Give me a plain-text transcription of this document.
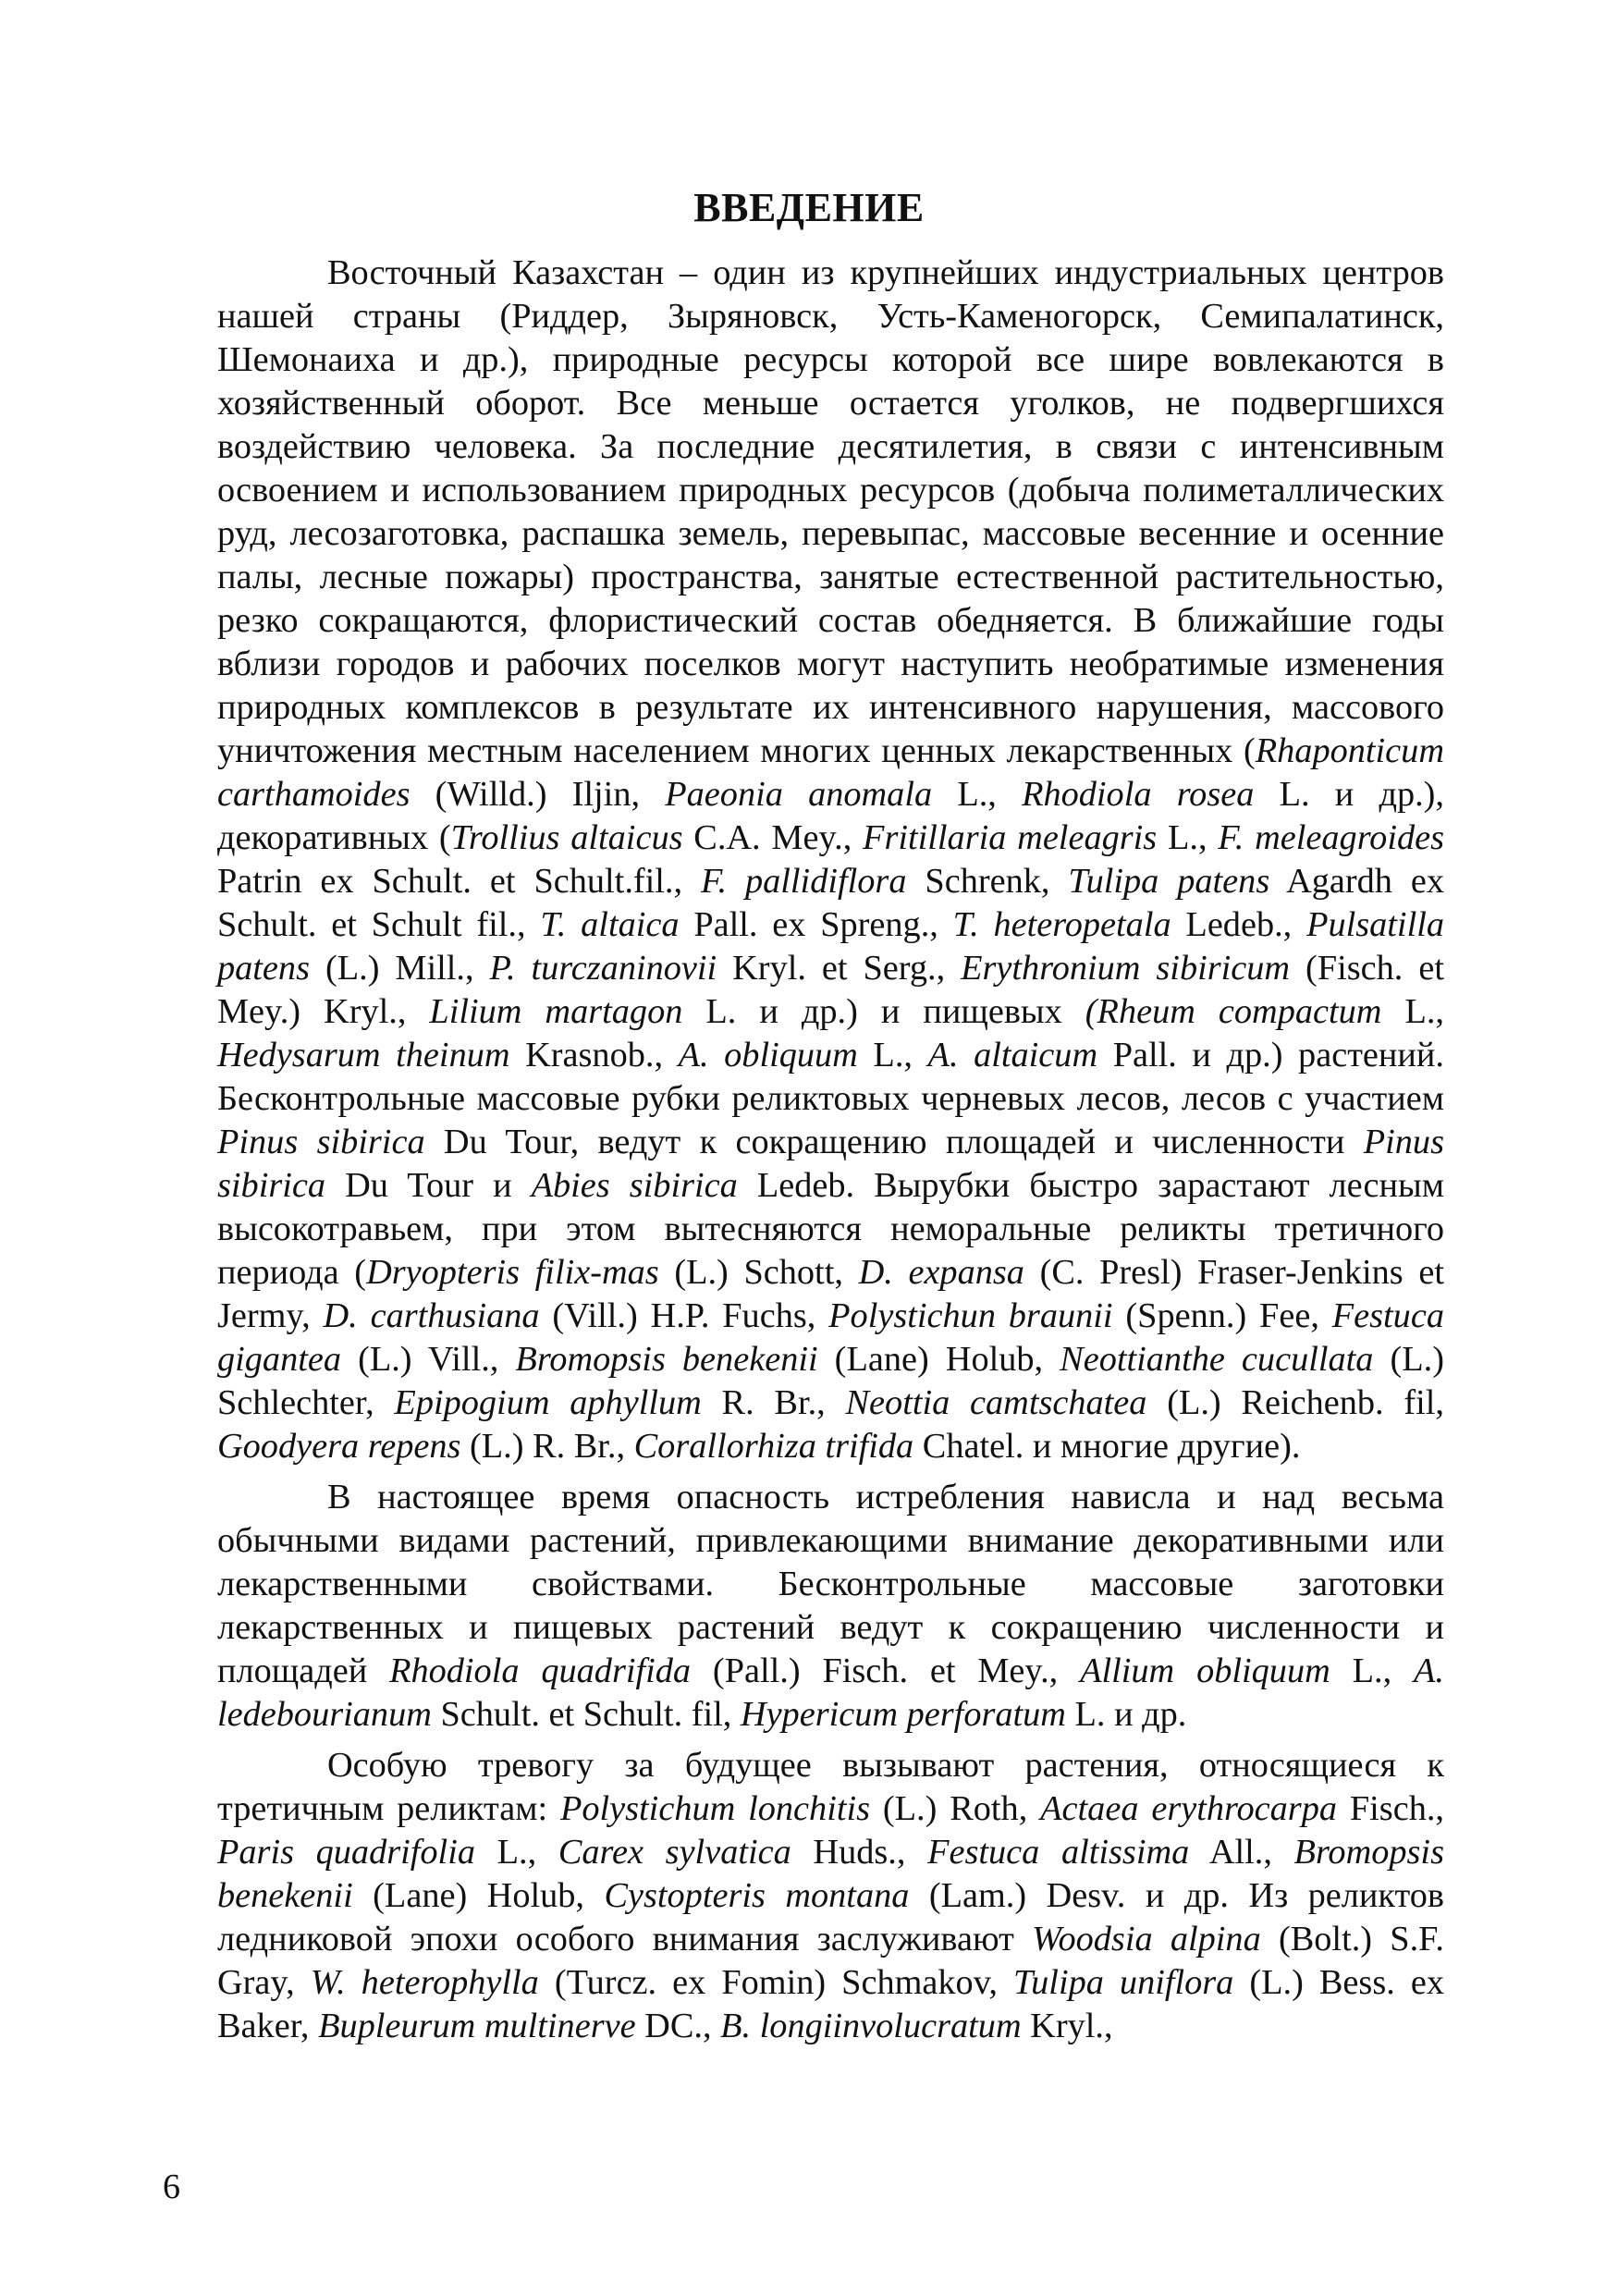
ВВЕДЕНИЕ

Восточный Казахстан – один из крупнейших индустриальных центров нашей страны (Риддер, Зыряновск, Усть-Каменогорск, Семипалатинск, Шемонаиха и др.), природные ресурсы которой все шире вовлекаются в хозяйственный оборот. Все меньше остается уголков, не подвергшихся воздействию человека. За последние десятилетия, в связи с интенсивным освоением и использованием природных ресурсов (добыча полиметаллических руд, лесозаготовка, распашка земель, перевыпас, массовые весенние и осенние палы, лесные пожары) пространства, занятые естественной растительностью, резко сокращаются, флористический состав обедняется. В ближайшие годы вблизи городов и рабочих поселков могут наступить необратимые изменения природных комплексов в результате их интенсивного нарушения, массового уничтожения местным населением многих ценных лекарственных (Rhaponticum carthamoides (Willd.) Iljin, Paeonia anomala L., Rhodiola rosea L. и др.), декоративных (Trollius altaicus C.A. Mey., Fritillaria meleagris L., F. meleagroides Patrin ex Schult. et Schult.fil., F. pallidiflora Schrenk, Tulipa patens Agardh ex Schult. et Schult fil., T. altaica Pall. ex Spreng., T. heteropetala Ledeb., Pulsatilla patens (L.) Mill., P. turczaninovii Kryl. et Serg., Erythronium sibiricum (Fisch. et Mey.) Kryl., Lilium martagon L. и др.) и пищевых (Rheum compactum L., Hedysarum theinum Krasnob., A. obliquum L., A. altaicum Pall. и др.) растений. Бесконтрольные массовые рубки реликтовых черневых лесов, лесов с участием Pinus sibirica Du Tour, ведут к сокращению площадей и численности Pinus sibirica Du Tour и Abies sibirica Ledeb. Вырубки быстро зарастают лесным высокотравьем, при этом вытесняются неморальные реликты третичного периода (Dryopteris filix-mas (L.) Schott, D. expansa (C. Presl) Fraser-Jenkins et Jermy, D. carthusiana (Vill.) H.P. Fuchs, Polystichun braunii (Spenn.) Fee, Festuca gigantea (L.) Vill., Bromopsis benekenii (Lane) Holub, Neottianthe cucullata (L.) Schlechter, Epipogium aphyllum R. Br., Neottia camtschatea (L.) Reichenb. fil, Goodyera repens (L.) R. Br., Corallorhiza trifida Chatel. и многие другие).

В настоящее время опасность истребления нависла и над весьма обычными видами растений, привлекающими внимание декоративными или лекарственными свойствами. Бесконтрольные массовые заготовки лекарственных и пищевых растений ведут к сокращению численности и площадей Rhodiola quadrifida (Pall.) Fisch. et Mey., Allium obliquum L., A. ledebourianum Schult. et Schult. fil, Hypericum perforatum L. и др.

Особую тревогу за будущее вызывают растения, относящиеся к третичным реликтам: Polystichum lonchitis (L.) Roth, Actaea erythrocarpa Fisch., Paris quadrifolia L., Carex sylvatica Huds., Festuca altissima All., Bromopsis benekenii (Lane) Holub, Cystopteris montana (Lam.) Desv. и др. Из реликтов ледниковой эпохи особого внимания заслуживают Woodsia alpina (Bolt.) S.F. Gray, W. heterophylla (Turcz. ex Fomin) Schmakov, Tulipa uniflora (L.) Bess. ex Baker, Bupleurum multinerve DC., B. longiinvolucratum Kryl.,

6
